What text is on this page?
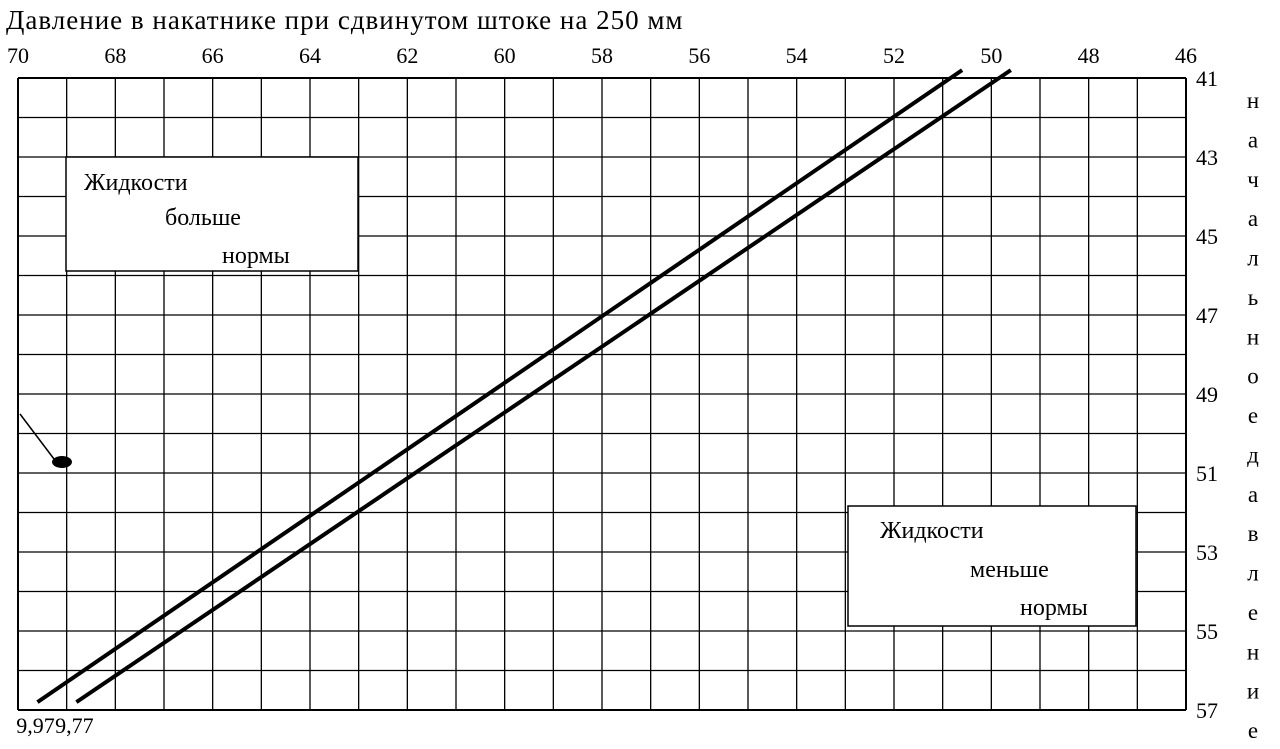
Давление в накатнике при сдвинутом штоке на 250 мм
70	68	66	64	62	60	58	56	54	52	50	48	46
41
43
45
47
49
51
53
55
57
Жидкости
больше
нормы
Жидкости
меньше
нормы
9,97 9,77
н
а
ч
а
л
ь
н
о
е
д
а
в
л
е
н
и
е
